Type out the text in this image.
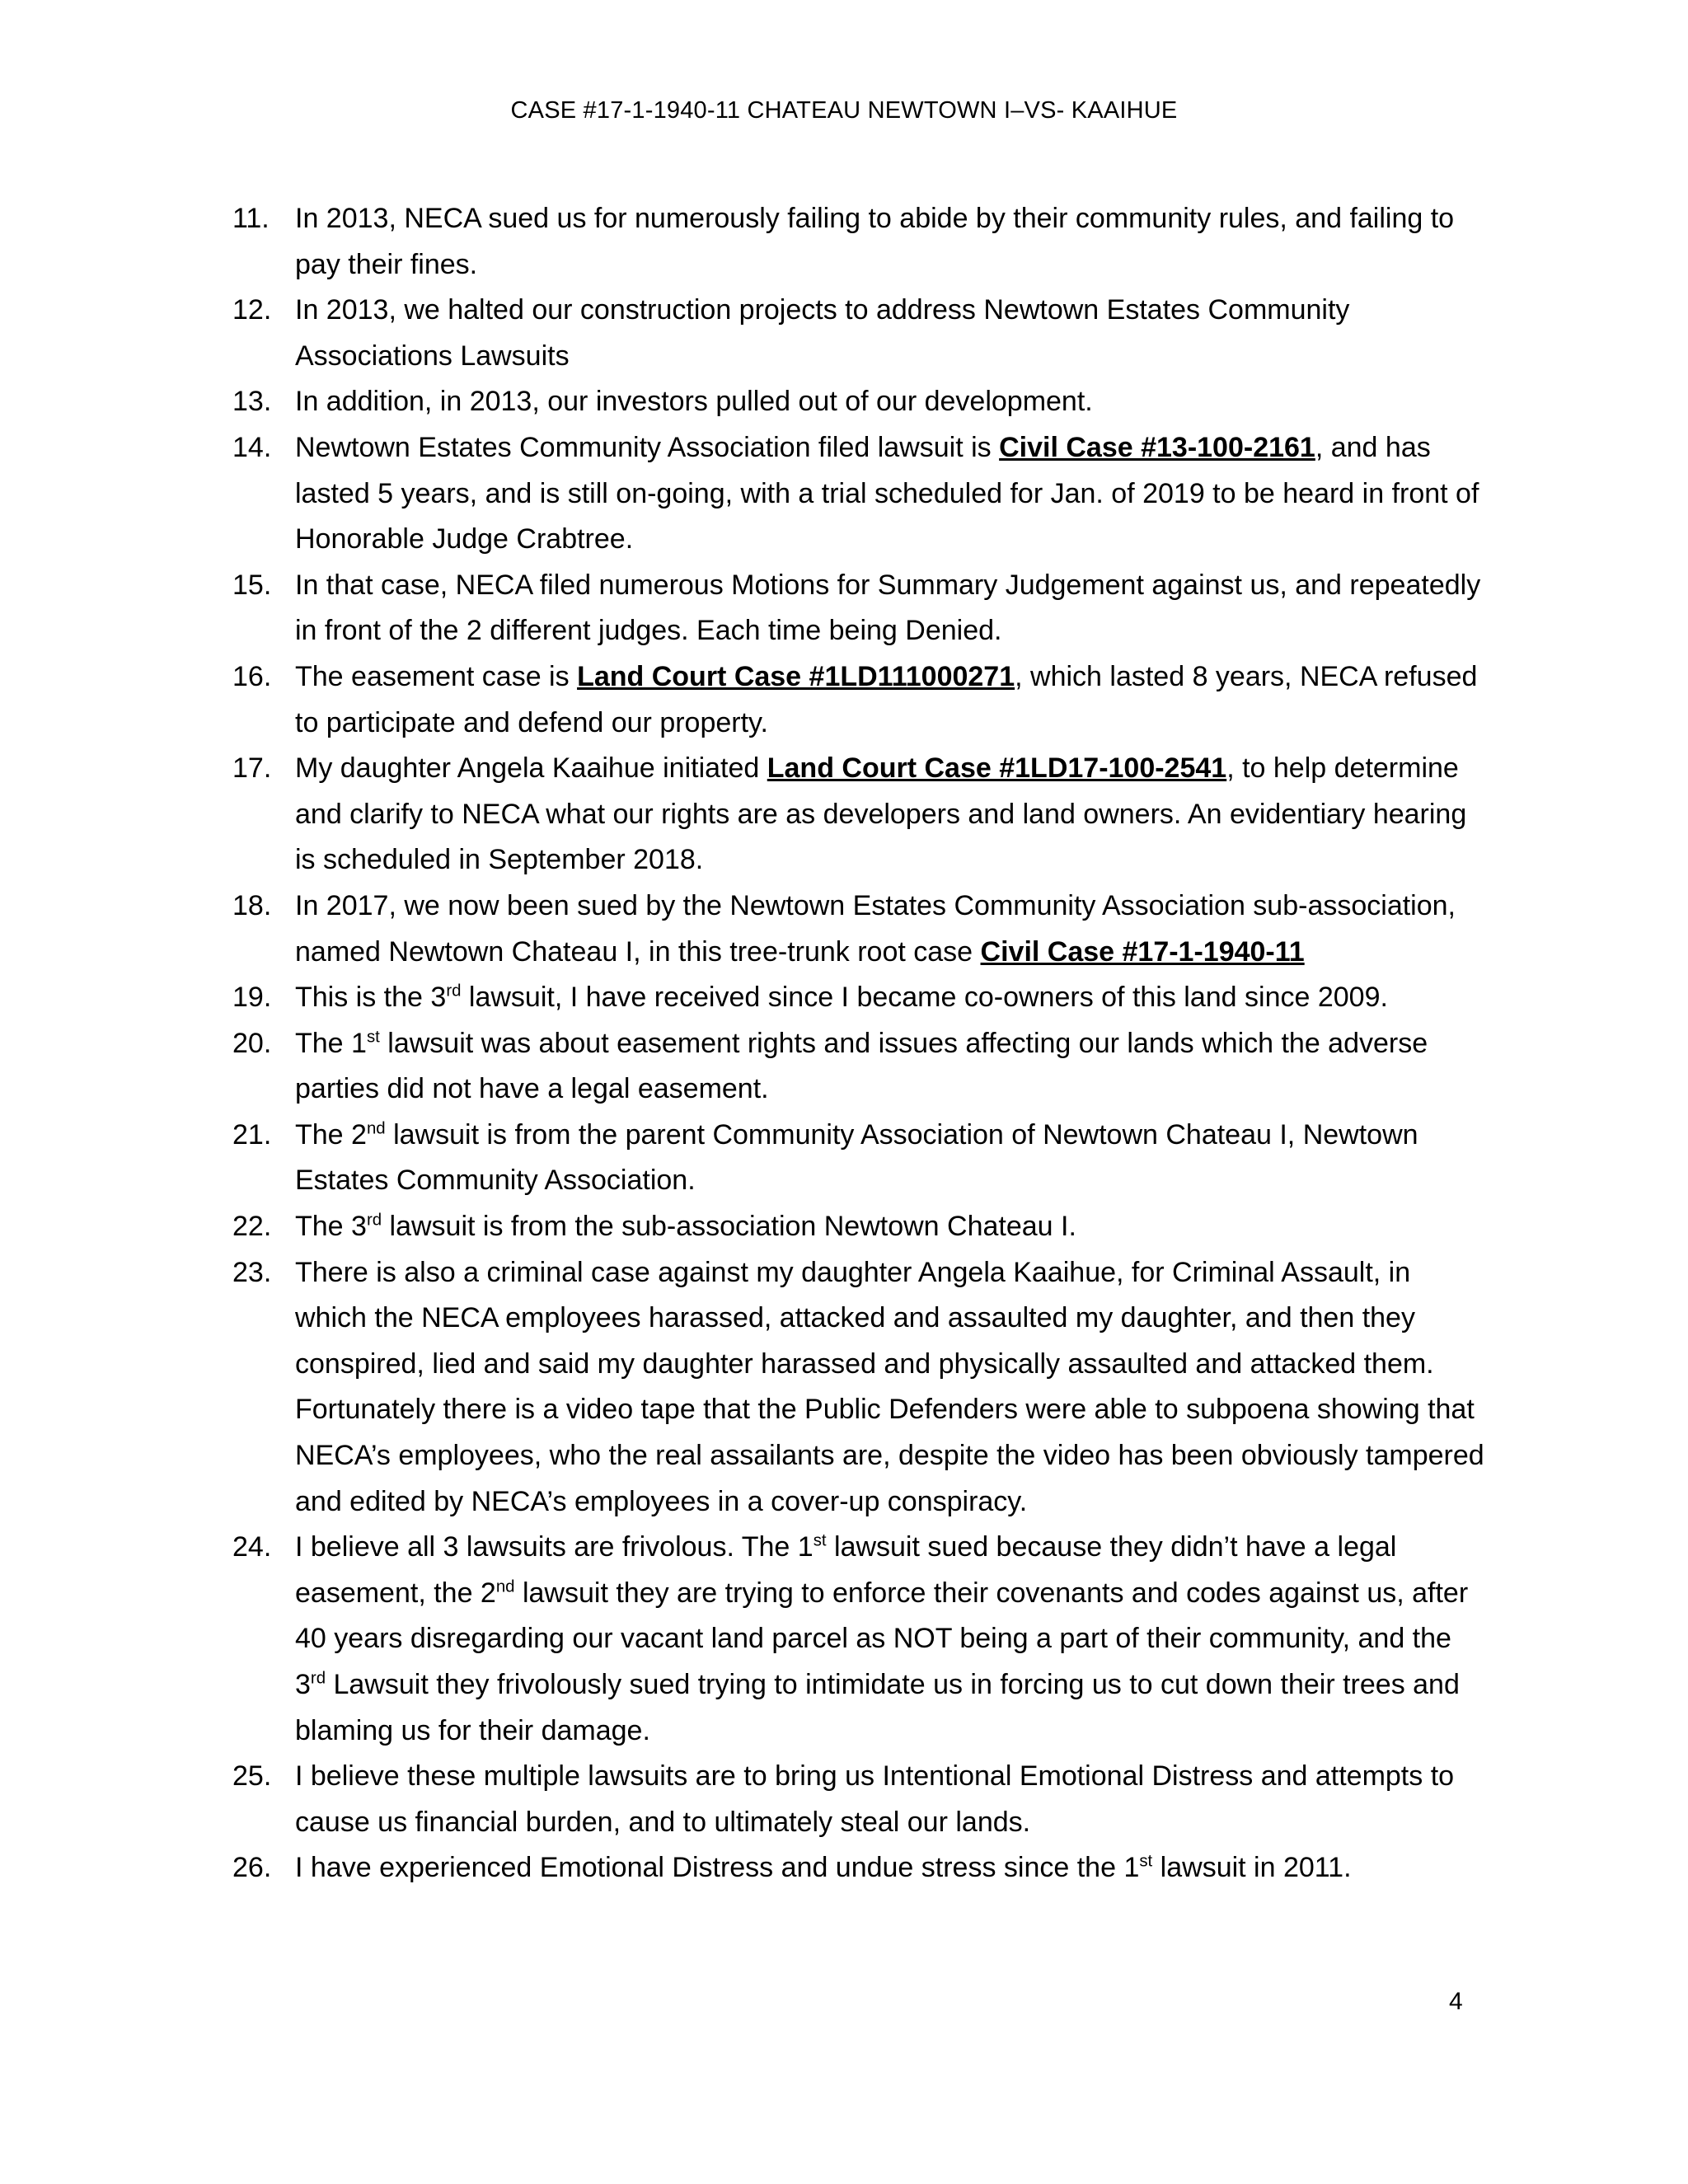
CASE #17-1-1940-11 CHATEAU NEWTOWN I–VS- KAAIHUE
11. In 2013, NECA sued us for numerously failing to abide by their community rules, and failing to pay their fines.
12. In 2013, we halted our construction projects to address Newtown Estates Community Associations Lawsuits
13. In addition, in 2013, our investors pulled out of our development.
14. Newtown Estates Community Association filed lawsuit is Civil Case #13-100-2161, and has lasted 5 years, and is still on-going, with a trial scheduled for Jan. of 2019 to be heard in front of Honorable Judge Crabtree.
15. In that case, NECA filed numerous Motions for Summary Judgement against us, and repeatedly in front of the 2 different judges. Each time being Denied.
16. The easement case is Land Court Case #1LD111000271, which lasted 8 years, NECA refused to participate and defend our property.
17. My daughter Angela Kaaihue initiated Land Court Case #1LD17-100-2541, to help determine and clarify to NECA what our rights are as developers and land owners. An evidentiary hearing is scheduled in September 2018.
18. In 2017, we now been sued by the Newtown Estates Community Association sub-association, named Newtown Chateau I, in this tree-trunk root case Civil Case #17-1-1940-11
19. This is the 3rd lawsuit, I have received since I became co-owners of this land since 2009.
20. The 1st lawsuit was about easement rights and issues affecting our lands which the adverse parties did not have a legal easement.
21. The 2nd lawsuit is from the parent Community Association of Newtown Chateau I, Newtown Estates Community Association.
22. The 3rd lawsuit is from the sub-association Newtown Chateau I.
23. There is also a criminal case against my daughter Angela Kaaihue, for Criminal Assault, in which the NECA employees harassed, attacked and assaulted my daughter, and then they conspired, lied and said my daughter harassed and physically assaulted and attacked them. Fortunately there is a video tape that the Public Defenders were able to subpoena showing that NECA’s employees, who the real assailants are, despite the video has been obviously tampered and edited by NECA’s employees in a cover-up conspiracy.
24. I believe all 3 lawsuits are frivolous. The 1st lawsuit sued because they didn’t have a legal easement, the 2nd lawsuit they are trying to enforce their covenants and codes against us, after 40 years disregarding our vacant land parcel as NOT being a part of their community, and the 3rd Lawsuit they frivolously sued trying to intimidate us in forcing us to cut down their trees and blaming us for their damage.
25. I believe these multiple lawsuits are to bring us Intentional Emotional Distress and attempts to cause us financial burden, and to ultimately steal our lands.
26. I have experienced Emotional Distress and undue stress since the 1st lawsuit in 2011.
4
